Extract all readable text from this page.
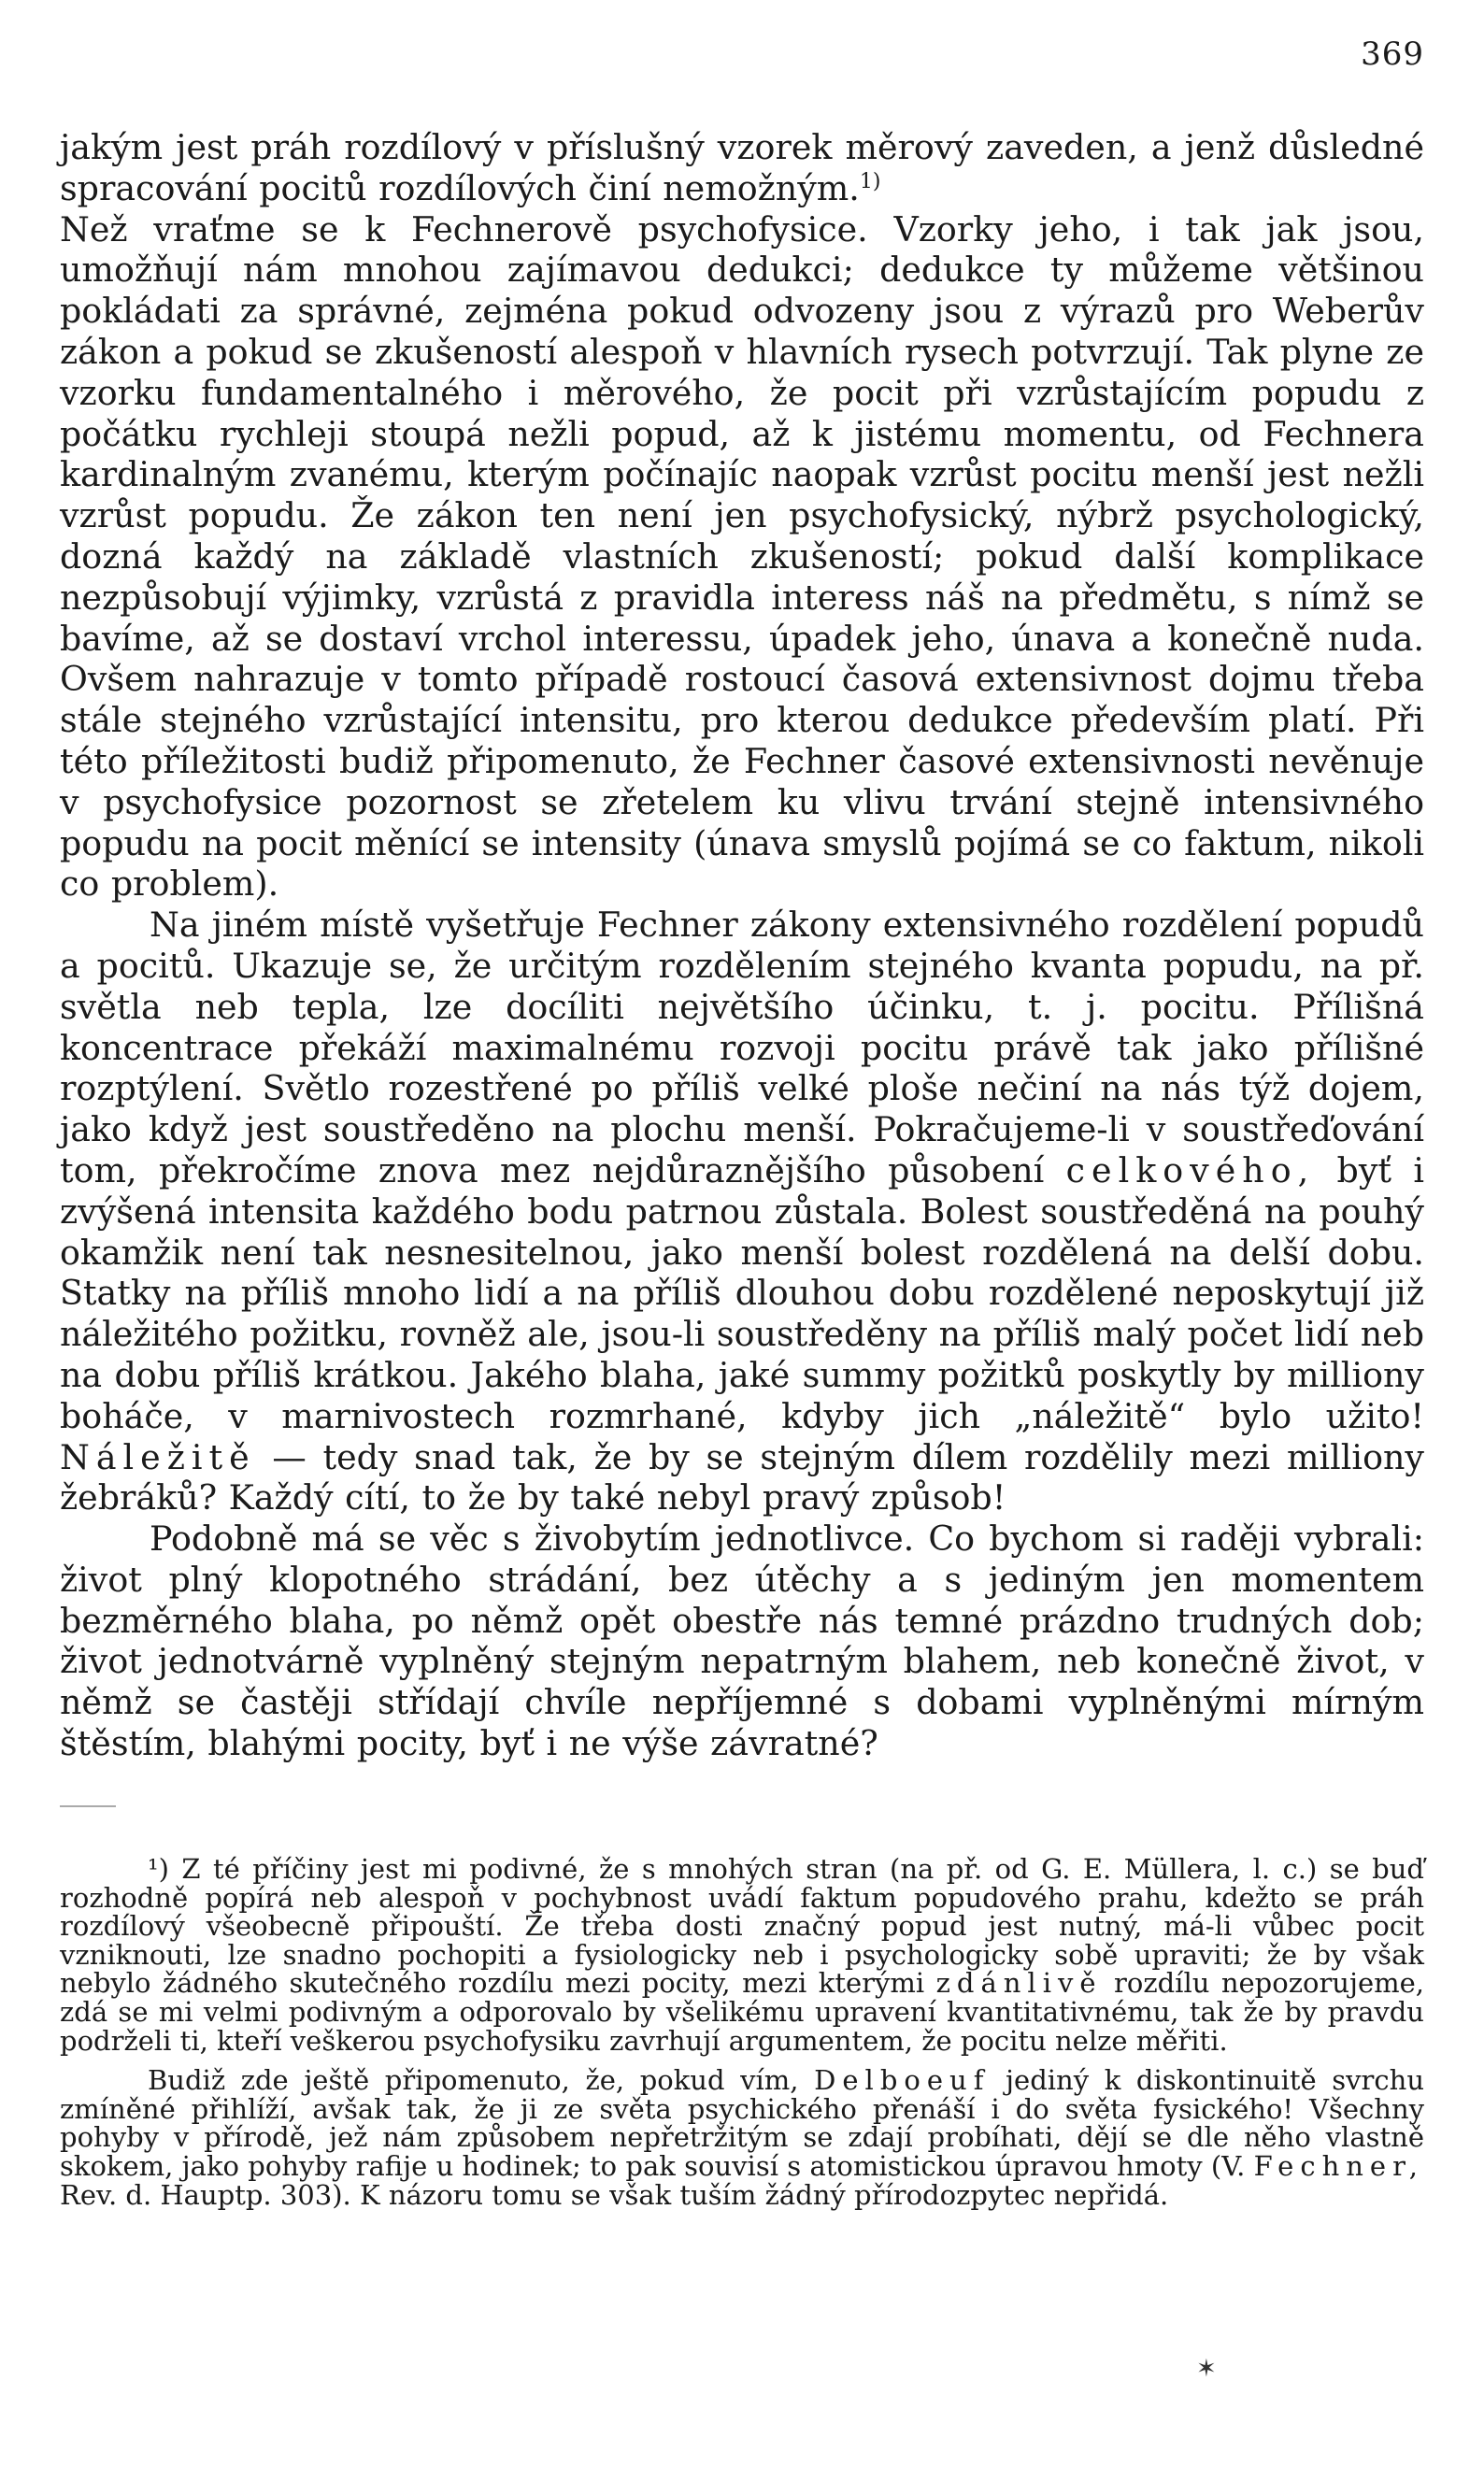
369

jakým jest práh rozdílový v příslušný vzorek měrový zaveden, a jenž důsledné spracování pocitů rozdílových činí nemožným.$^{1)}$

Než vraťme se k Fechnerově psychofysice. Vzorky jeho, i tak jak jsou, umožňují nám mnohou zajímavou dedukci; dedukce ty můžeme většinou pokládati za správné, zejména pokud odvozeny jsou z výrazů pro Weberův zákon a pokud se zkušeností alespoň v hlavních rysech potvrzují. Tak plyne ze vzorku fundamentalného i měrového, že pocit při vzrůstajícím popudu z počátku rychleji stoupá nežli popud, až k jistému momentu, od Fechnera kardinalným zvanému, kterým počínajíc naopak vzrůst pocitu menší jest nežli vzrůst popudu. Že zákon ten není jen psychofysický, nýbrž psychologický, dozná každý na základě vlastních zkušeností; pokud další komplikace nezpůsobují výjimky, vzrůstá z pravidla interess náš na předmětu, s nímž se bavíme, až se dostaví vrchol interessu, úpadek jeho, únava a konečně nuda. Ovšem nahrazuje v tomto případě rostoucí časová extensivnost dojmu třeba stále stejného vzrůstající intensitu, pro kterou dedukce především platí. Při této příležitosti budiž připomenuto, že Fechner časové extensivnosti nevěnuje v psychofysice pozornost se zřetelem ku vlivu trvání stejně intensivného popudu na pocit měnící se intensity (únava smyslů pojímá se co faktum, nikoli co problem).

Na jiném místě vyšetřuje Fechner zákony extensivného rozdělení popudů a pocitů. Ukazuje se, že určitým rozdělením stejného kvanta popudu, na př. světla neb tepla, lze docíliti největšího účinku, t. j. pocitu. Přílišná koncentrace překáží maximalnému rozvoji pocitu právě tak jako přílišné rozptýlení. Světlo rozestřené po příliš velké ploše nečiní na nás týž dojem, jako když jest soustředěno na plochu menší. Pokračujeme-li v soustřeďování tom, překročíme znova mez nejdůraznějšího působení celkového, byť i zvýšená intensita každého bodu patrnou zůstala. Bolest soustředěná na pouhý okamžik není tak nesnesitelnou, jako menší bolest rozdělená na delší dobu. Statky na příliš mnoho lidí a na příliš dlouhou dobu rozdělené neposkytují již náležitého požitku, rovněž ale, jsou-li soustředěny na příliš malý počet lidí neb na dobu příliš krátkou. Jakého blaha, jaké summy požitků poskytly by milliony boháče, v marnivostech rozmrhané, kdyby jich „náležitě“ bylo užito! Náležitě — tedy snad tak, že by se stejným dílem rozdělily mezi milliony žebráků? Každý cítí, to že by také nebyl pravý způsob!

Podobně má se věc s živobytím jednotlivce. Co bychom si raději vybrali: život plný klopotného strádání, bez útěchy a s jediným jen momentem bezměrného blaha, po němž opět obestře nás temné prázdno trudných dob; život jednotvárně vyplněný stejným nepatrným blahem, neb konečně život, v němž se častěji střídají chvíle nepříjemné s dobami vyplněnými mírným štěstím, blahými pocity, byť i ne výše závratné?

¹) Z té příčiny jest mi podivné, že s mnohých stran (na př. od G. E. Müllera, l. c.) se buď rozhodně popírá neb alespoň v pochybnost uvádí faktum popudového prahu, kdežto se práh rozdílový všeobecně připouští. Že třeba dosti značný popud jest nutný, má-li vůbec pocit vzniknouti, lze snadno pochopiti a fysiologicky neb i psychologicky sobě upraviti; že by však nebylo žádného skutečného rozdílu mezi pocity, mezi kterými zdánlivě rozdílu nepozorujeme, zdá se mi velmi podivným a odporovalo by všelikému upravení kvantitativnému, tak že by pravdu podrželi ti, kteří veškerou psychofysiku zavrhují argumentem, že pocitu nelze měřiti.

Budiž zde ještě připomenuto, že, pokud vím, Delboeuf jediný k diskontinuitě svrchu zmíněné přihlíží, avšak tak, že ji ze světa psychického přenáší i do světa fysického! Všechny pohyby v přírodě, jež nám způsobem nepřetržitým se zdají probíhati, dějí se dle něho vlastně skokem, jako pohyby rafije u hodinek; to pak souvisí s atomistickou úpravou hmoty (V. Fechner, Rev. d. Hauptp. 303). K názoru tomu se však tuším žádný přírodozpytec nepřidá.

✶
